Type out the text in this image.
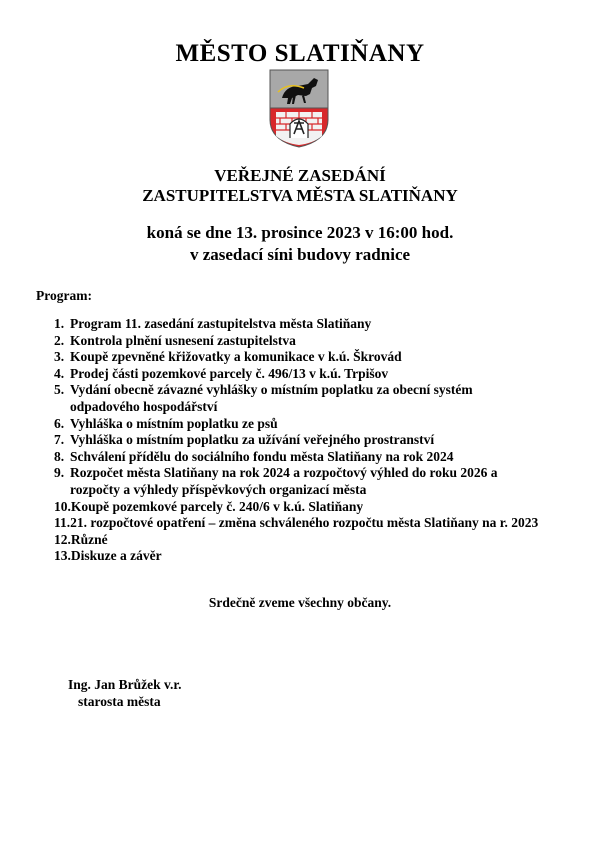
MĚSTO SLATIŇANY
VEŘEJNÉ ZASEDÁNÍ
ZASTUPITELSTVA MĚSTA SLATIŇANY
koná se dne 13. prosince 2023 v 16:00 hod.
v zasedací síni budovy radnice
Program:
1. Program 11. zasedání zastupitelstva města Slatiňany
2. Kontrola plnění usnesení zastupitelstva
3. Koupě zpevněné křižovatky a komunikace v k.ú. Škrovád
4. Prodej části pozemkové parcely č. 496/13 v k.ú. Trpišov
5. Vydání obecně závazné vyhlášky o místním poplatku za obecní systém
odpadového hospodářství
6. Vyhláška o místním poplatku ze psů
7. Vyhláška o místním poplatku za užívání veřejného prostranství
8. Schválení přídělu do sociálního fondu města Slatiňany na rok 2024
9. Rozpočet města Slatiňany na rok 2024 a rozpočtový výhled do roku 2026 a
rozpočty a výhledy příspěvkových organizací města
10. Koupě pozemkové parcely č. 240/6 v k.ú. Slatiňany
11. 21. rozpočtové opatření – změna schváleného rozpočtu města Slatiňany na r. 2023
12. Různé
13. Diskuze a závěr
Srdečně zveme všechny občany.
Ing. Jan Brůžek v.r.
starosta města
